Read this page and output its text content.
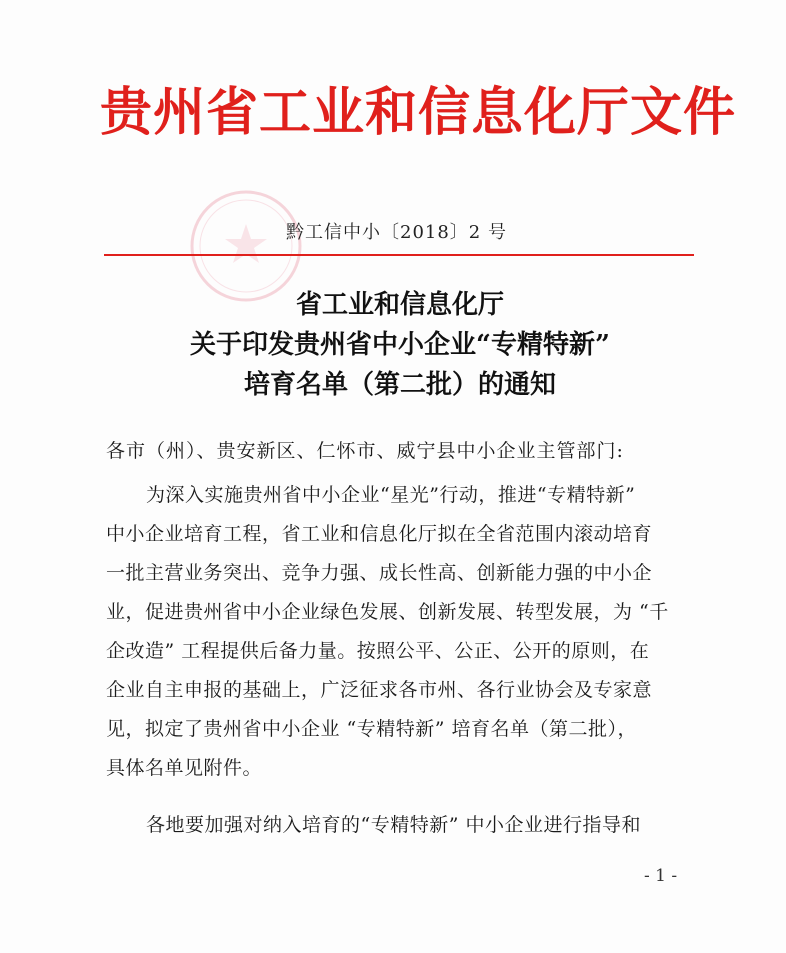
贵州省工业和信息化厅文件
黔工信中小〔2018〕2 号
省工业和信息化厅
关于印发贵州省中小企业“专精特新”
培育名单（第二批）的通知
各市（州）、贵安新区、仁怀市、威宁县中小企业主管部门:
为深入实施贵州省中小企业“星光”行动，推进“专精特新”
中小企业培育工程，省工业和信息化厅拟在全省范围内滚动培育
一批主营业务突出、竞争力强、成长性高、创新能力强的中小企
业，促进贵州省中小企业绿色发展、创新发展、转型发展，为 “千
企改造” 工程提供后备力量。按照公平、公正、公开的原则，在
企业自主申报的基础上，广泛征求各市州、各行业协会及专家意
见，拟定了贵州省中小企业 “专精特新” 培育名单（第二批），
具体名单见附件。
各地要加强对纳入培育的“专精特新” 中小企业进行指导和
- 1 -
